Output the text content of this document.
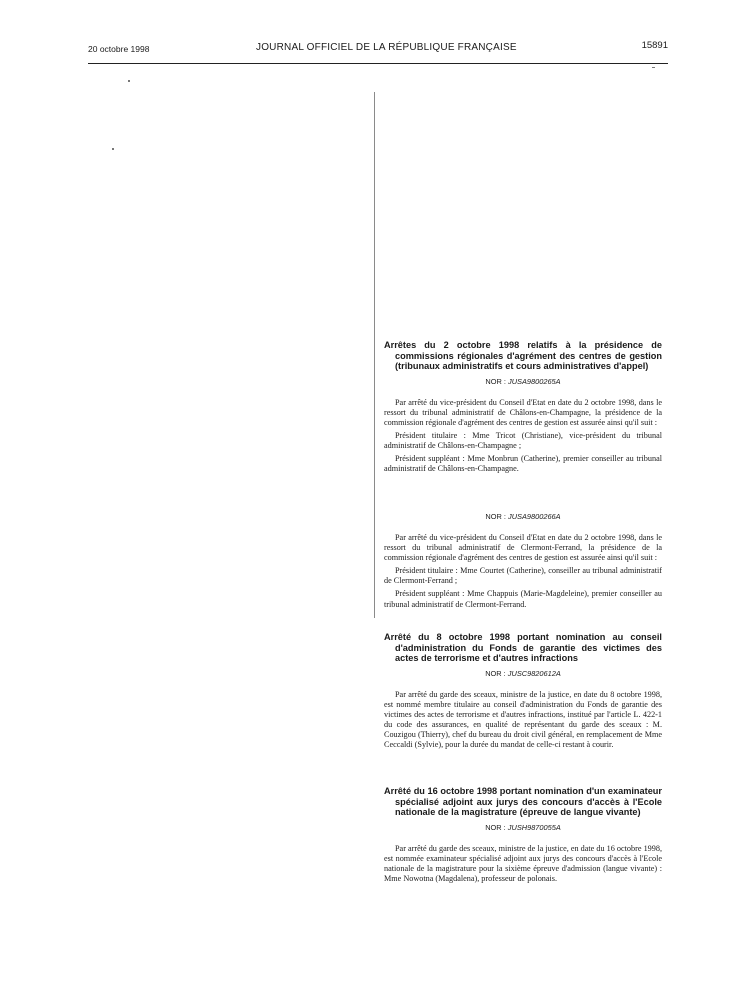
20 octobre 1998	JOURNAL OFFICIEL DE LA RÉPUBLIQUE FRANÇAISE	15891

Arrêtes du 2 octobre 1998 relatifs à la présidence de commissions régionales d'agrément des centres de gestion (tribunaux administratifs et cours administratives d'appel)

NOR : JUSA9800265A

Par arrêté du vice-président du Conseil d'Etat en date du 2 octobre 1998, dans le ressort du tribunal administratif de Châlons-en-Champagne, la présidence de la commission régionale d'agrément des centres de gestion est assurée ainsi qu'il suit :

Président titulaire : Mme Tricot (Christiane), vice-président du tribunal administratif de Châlons-en-Champagne ;

Président suppléant : Mme Monbrun (Catherine), premier conseiller au tribunal administratif de Châlons-en-Champagne.

NOR : JUSA9800266A

Par arrêté du vice-président du Conseil d'Etat en date du 2 octobre 1998, dans le ressort du tribunal administratif de Clermont-Ferrand, la présidence de la commission régionale d'agrément des centres de gestion est assurée ainsi qu'il suit :

Président titulaire : Mme Courtet (Catherine), conseiller au tribunal administratif de Clermont-Ferrand ;

Président suppléant : Mme Chappuis (Marie-Magdeleine), premier conseiller au tribunal administratif de Clermont-Ferrand.

Arrêté du 8 octobre 1998 portant nomination au conseil d'administration du Fonds de garantie des victimes des actes de terrorisme et d'autres infractions

NOR : JUSC9820612A

Par arrêté du garde des sceaux, ministre de la justice, en date du 8 octobre 1998, est nommé membre titulaire au conseil d'administration du Fonds de garantie des victimes des actes de terrorisme et d'autres infractions, institué par l'article L. 422-1 du code des assurances, en qualité de représentant du garde des sceaux : M. Couzigou (Thierry), chef du bureau du droit civil général, en remplacement de Mme Ceccaldi (Sylvie), pour la durée du mandat de celle-ci restant à courir.

Arrêté du 16 octobre 1998 portant nomination d'un examinateur spécialisé adjoint aux jurys des concours d'accès à l'Ecole nationale de la magistrature (épreuve de langue vivante)

NOR : JUSH9870055A

Par arrêté du garde des sceaux, ministre de la justice, en date du 16 octobre 1998, est nommée examinateur spécialisé adjoint aux jurys des concours d'accès à l'Ecole nationale de la magistrature pour la sixième épreuve d'admission (langue vivante) : Mme Nowotna (Magdalena), professeur de polonais.
